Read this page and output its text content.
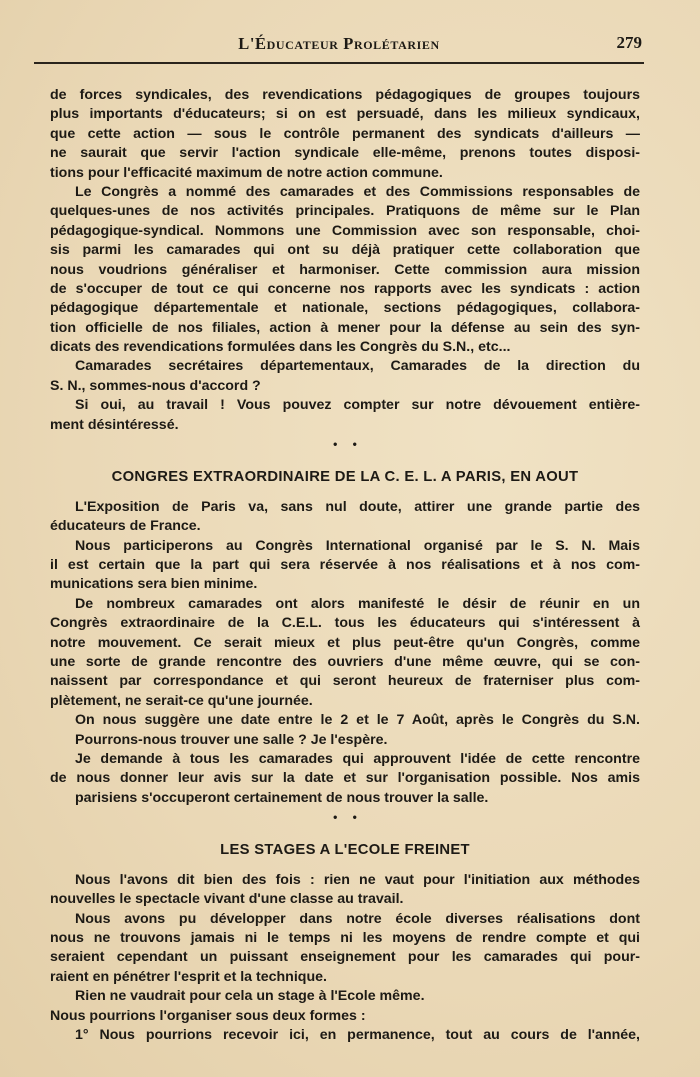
L'Éducateur Prolétarien	279
de forces syndicales, des revendications pédagogiques de groupes toujours
plus importants d'éducateurs; si on est persuadé, dans les milieux syndicaux,
que cette action — sous le contrôle permanent des syndicats d'ailleurs —
ne saurait que servir l'action syndicale elle-même, prenons toutes disposi-
tions pour l'efficacité maximum de notre action commune.
Le Congrès a nommé des camarades et des Commissions responsables de
quelques-unes de nos activités principales. Pratiquons de même sur le Plan
pédagogique-syndical. Nommons une Commission avec son responsable, choi-
sis parmi les camarades qui ont su déjà pratiquer cette collaboration que
nous voudrions généraliser et harmoniser. Cette commission aura mission
de s'occuper de tout ce qui concerne nos rapports avec les syndicats : action
pédagogique départementale et nationale, sections pédagogiques, collabora-
tion officielle de nos filiales, action à mener pour la défense au sein des syn-
dicats des revendications formulées dans les Congrès du S.N., etc...
Camarades secrétaires départementaux, Camarades de la direction du
S. N., sommes-nous d'accord ?
Si oui, au travail ! Vous pouvez compter sur notre dévouement entière-
ment désintéressé.
• •
CONGRES EXTRAORDINAIRE DE LA C. E. L. A PARIS, EN AOUT
L'Exposition de Paris va, sans nul doute, attirer une grande partie des
éducateurs de France.
Nous participerons au Congrès International organisé par le S. N. Mais
il est certain que la part qui sera réservée à nos réalisations et à nos com-
munications sera bien minime.
De nombreux camarades ont alors manifesté le désir de réunir en un
Congrès extraordinaire de la C.E.L. tous les éducateurs qui s'intéressent à
notre mouvement. Ce serait mieux et plus peut-être qu'un Congrès, comme
une sorte de grande rencontre des ouvriers d'une même œuvre, qui se con-
naissent par correspondance et qui seront heureux de fraterniser plus com-
plètement, ne serait-ce qu'une journée.
On nous suggère une date entre le 2 et le 7 Août, après le Congrès du S.N.
Pourrons-nous trouver une salle ? Je l'espère.
Je demande à tous les camarades qui approuvent l'idée de cette rencontre
de nous donner leur avis sur la date et sur l'organisation possible. Nos amis
parisiens s'occuperont certainement de nous trouver la salle.
• •
LES STAGES A L'ECOLE FREINET
Nous l'avons dit bien des fois : rien ne vaut pour l'initiation aux méthodes
nouvelles le spectacle vivant d'une classe au travail.
Nous avons pu développer dans notre école diverses réalisations dont
nous ne trouvons jamais ni le temps ni les moyens de rendre compte et qui
seraient cependant un puissant enseignement pour les camarades qui pour-
raient en pénétrer l'esprit et la technique.
Rien ne vaudrait pour cela un stage à l'Ecole même.
Nous pourrions l'organiser sous deux formes :
1° Nous pourrions recevoir ici, en permanence, tout au cours de l'année,
